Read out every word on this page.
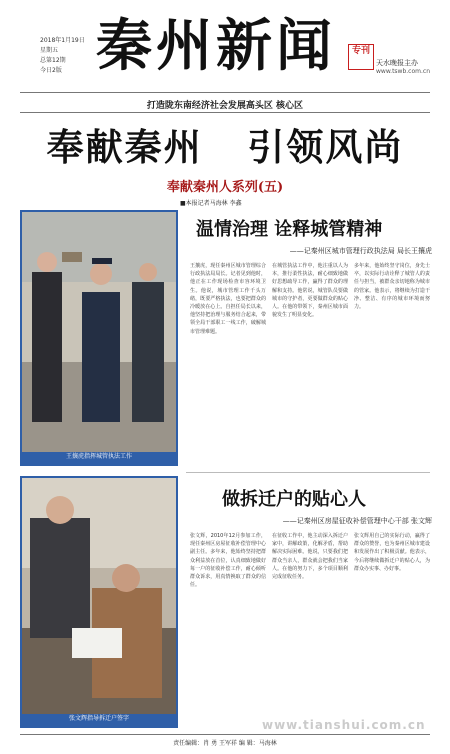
2018年1月19日
星期五
总第12期
今日2版 秦州新闻	专刊
天水晚报主办
www.tswb.com.cn
打造陇东南经济社会发展高头区 核心区
奉献秦州   引领风尚
奉献秦州人系列(五)
■本报记者马海林 李鑫
王攘虎指挥城管执法工作
张文辉指导拆迁户签字
温情治理 诠释城管精神
——记秦州区城市管理行政执法局 局长王攘虎
王攘虎，现任秦州区城市管理综合行政执法局局长。记者见到他时，他正在工作现场检查市容环境卫生。他说，城市管理工作千头万绪，既要严格执法，也要把群众的冷暖放在心上。自担任局长以来，他坚持把治理与服务结合起来，带领全局干部职工一线工作，破解城市管理难题。
在城管执法工作中，他注重以人为本，推行柔性执法，耐心细致地做好思想疏导工作，赢得了群众的理解和支持。他常说，城管队员要做城市的守护者，更要做群众的贴心人。在他的带领下，秦州区城市面貌发生了明显变化。
多年来，他始终坚守岗位，身先士卒，以实际行动诠释了城管人的责任与担当，被群众亲切地称为城市的管家。他表示，将继续为打造干净、整洁、有序的城市环境而努力。
做拆迁户的贴心人
——记秦州区房屋征收补偿管理中心干部 张文辉
张文辉，2010年12月参加工作，现任秦州区房屋征收补偿管理中心副主任。多年来，他始终坚持把群众利益放在首位，认真细致地做好每一户的征收补偿工作，耐心倾听群众诉求，用真情换取了群众的信任。
在征收工作中，他主动深入拆迁户家中，讲解政策，化解矛盾，帮助解决实际困难。他说，只要我们把群众当亲人，群众就会把我们当家人。在他的努力下，多个项目顺利完成征收任务。
张文辉用自己的实际行动，赢得了群众的赞誉，也为秦州区城市建设和发展作出了积极贡献。他表示，今后将继续做拆迁户的贴心人，为群众办实事、办好事。
www.tianshui.com.cn
责任编辑：肖 勇 王军祥 编 辑：马海林
